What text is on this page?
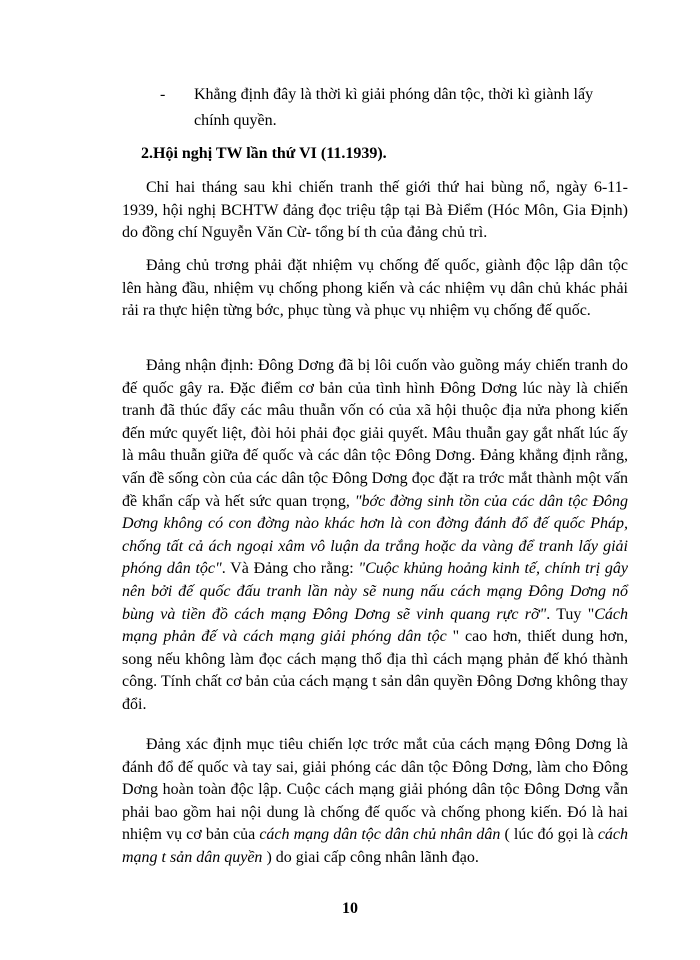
- Khẳng định đây là thời kì giải phóng dân tộc, thời kì giành lấy chính quyền.
2.Hội nghị TW lần thứ VI (11.1939).

Chỉ hai tháng sau khi chiến tranh thế giới thứ hai bùng nổ, ngày 6-11-1939, hội nghị BCHTW đảng đọc triệu tập tại Bà Điểm (Hóc Môn, Gia Định) do đồng chí Nguyễn Văn Cừ- tổng bí th của đảng chủ trì.

Đảng chủ trơng phải đặt nhiệm vụ chống đế quốc, giành độc lập dân tộc lên hàng đầu, nhiệm vụ chống phong kiến và các nhiệm vụ dân chủ khác phải rải ra thực hiện từng bớc, phục tùng và phục vụ nhiệm vụ chống đế quốc.

Đảng nhận định: Đông Dơng đã bị lôi cuốn vào guồng máy chiến tranh do đế quốc gây ra. Đặc điểm cơ bản của tình hình Đông Dơng lúc này là chiến tranh đã thúc đẩy các mâu thuẫn vốn có của xã hội thuộc địa nửa phong kiến đến mức quyết liệt, đòi hỏi phải đọc giải quyết. Mâu thuẫn gay gắt nhất lúc ấy là mâu thuẫn giữa đế quốc và các dân tộc Đông Dơng. Đảng khẳng định rằng, vấn đề sống còn của các dân tộc Đông Dơng đọc đặt ra trớc mắt thành một vấn đề khẩn cấp và hết sức quan trọng, "bớc đờng sinh tồn của các dân tộc Đông Dơng không có con đờng nào khác hơn là con đờng đánh đổ đế quốc Pháp, chống tất cả ách ngoại xâm vô luận da trắng hoặc da vàng để tranh lấy giải phóng dân tộc". Và Đảng cho rằng: "Cuộc khủng hoảng kinh tế, chính trị gây nên bởi đế quốc đấu tranh lần này sẽ nung nấu cách mạng Đông Dơng nổ bùng và tiền đồ cách mạng Đông Dơng sẽ vinh quang rực rỡ". Tuy "Cách mạng phản đế và cách mạng giải phóng dân tộc " cao hơn, thiết dung hơn, song nếu không làm đọc cách mạng thổ địa thì cách mạng phản đế khó thành công. Tính chất cơ bản của cách mạng t sản dân quyền Đông Dơng không thay đổi.

Đảng xác định mục tiêu chiến lợc trớc mắt của cách mạng Đông Dơng là đánh đổ đế quốc và tay sai, giải phóng các dân tộc Đông Dơng, làm cho Đông Dơng hoàn toàn độc lập. Cuộc cách mạng giải phóng dân tộc Đông Dơng vẫn phải bao gồm hai nội dung là chống đế quốc và chống phong kiến. Đó là hai nhiệm vụ cơ bản của cách mạng dân tộc dân chủ nhân dân ( lúc đó gọi là cách mạng t sản dân quyền ) do giai cấp công nhân lãnh đạo.

10
